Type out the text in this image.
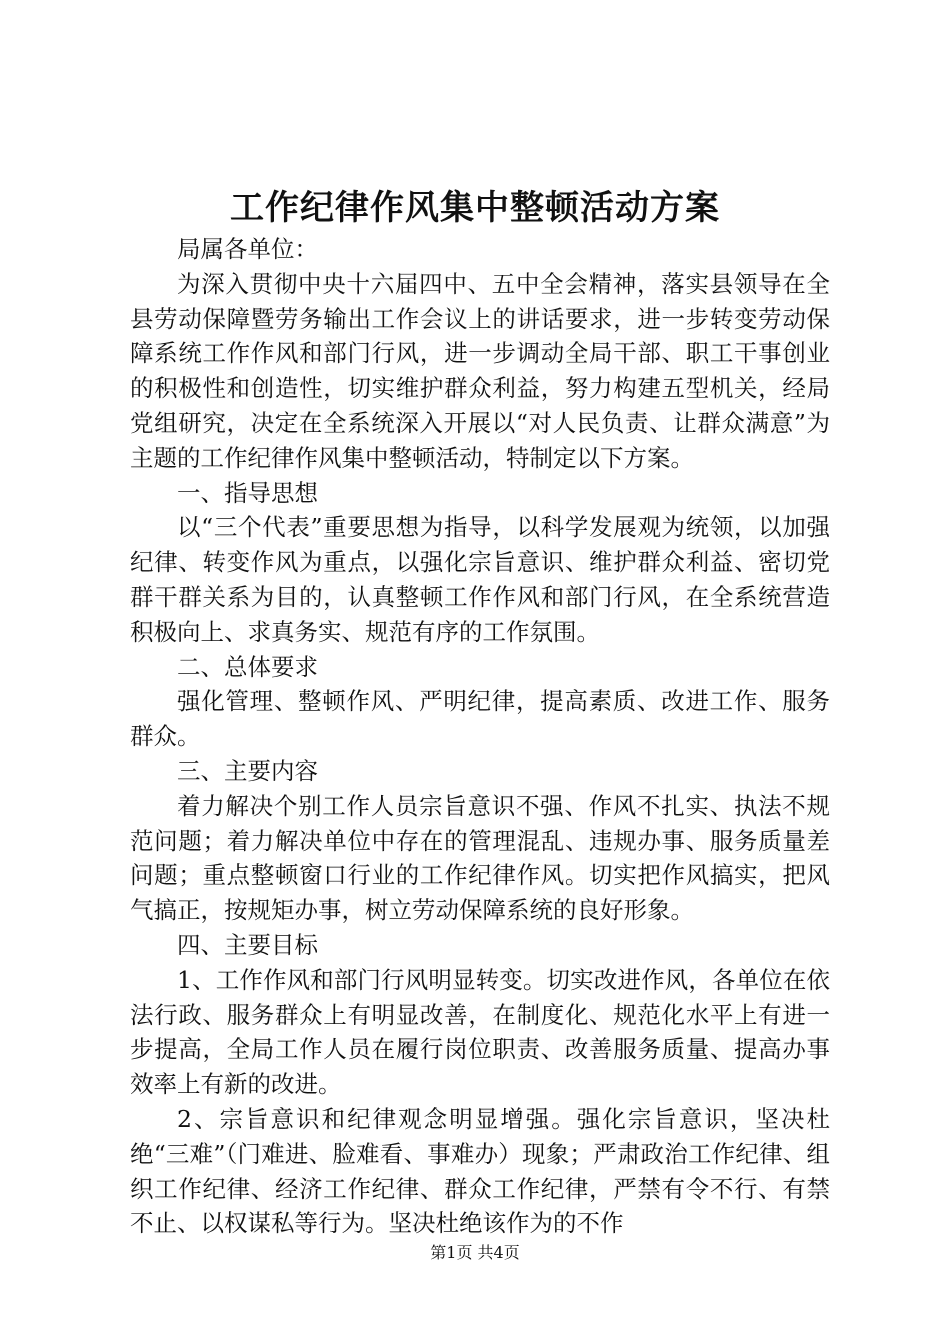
工作纪律作风集中整顿活动方案

局属各单位：

为深入贯彻中央十六届四中、五中全会精神，落实县领导在全县劳动保障暨劳务输出工作会议上的讲话要求，进一步转变劳动保障系统工作作风和部门行风，进一步调动全局干部、职工干事创业的积极性和创造性，切实维护群众利益，努力构建五型机关，经局党组研究，决定在全系统深入开展以“对人民负责、让群众满意”为主题的工作纪律作风集中整顿活动，特制定以下方案。

一、指导思想

以“三个代表”重要思想为指导，以科学发展观为统领，以加强纪律、转变作风为重点，以强化宗旨意识、维护群众利益、密切党群干群关系为目的，认真整顿工作作风和部门行风，在全系统营造积极向上、求真务实、规范有序的工作氛围。

二、总体要求

强化管理、整顿作风、严明纪律，提高素质、改进工作、服务群众。

三、主要内容

着力解决个别工作人员宗旨意识不强、作风不扎实、执法不规范问题；着力解决单位中存在的管理混乱、违规办事、服务质量差问题；重点整顿窗口行业的工作纪律作风。切实把作风搞实，把风气搞正，按规矩办事，树立劳动保障系统的良好形象。

四、主要目标

1、工作作风和部门行风明显转变。切实改进作风，各单位在依法行政、服务群众上有明显改善，在制度化、规范化水平上有进一步提高，全局工作人员在履行岗位职责、改善服务质量、提高办事效率上有新的改进。

2、宗旨意识和纪律观念明显增强。强化宗旨意识，坚决杜绝“三难”（门难进、脸难看、事难办）现象；严肃政治工作纪律、组织工作纪律、经济工作纪律、群众工作纪律，严禁有令不行、有禁不止、以权谋私等行为。坚决杜绝该作为的不作

第1页 共4页
